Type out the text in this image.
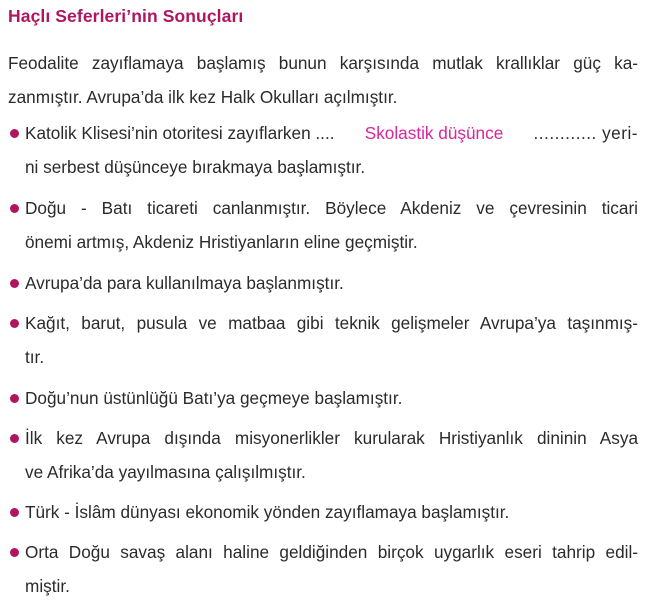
Haçlı Seferleri’nin Sonuçları
Feodalite zayıflamaya başlamış bunun karşısında mutlak krallıklar güç ka-
zanmıştır. Avrupa’da ilk kez Halk Okulları açılmıştır.
Katolik Klisesi’nin otoritesi zayıflarken .... Skolastik düşünce ............ yeri-
ni serbest düşünceye bırakmaya başlamıştır.
Doğu - Batı ticareti canlanmıştır. Böylece Akdeniz ve çevresinin ticari
önemi artmış, Akdeniz Hristiyanların eline geçmiştir.
Avrupa’da para kullanılmaya başlanmıştır.
Kağıt, barut, pusula ve matbaa gibi teknik gelişmeler Avrupa’ya taşınmış-
tır.
Doğu’nun üstünlüğü Batı’ya geçmeye başlamıştır.
İlk kez Avrupa dışında misyonerlikler kurularak Hristiyanlık dininin Asya
ve Afrika’da yayılmasına çalışılmıştır.
Türk - İslâm dünyası ekonomik yönden zayıflamaya başlamıştır.
Orta Doğu savaş alanı haline geldiğinden birçok uygarlık eseri tahrip edil-
miştir.
